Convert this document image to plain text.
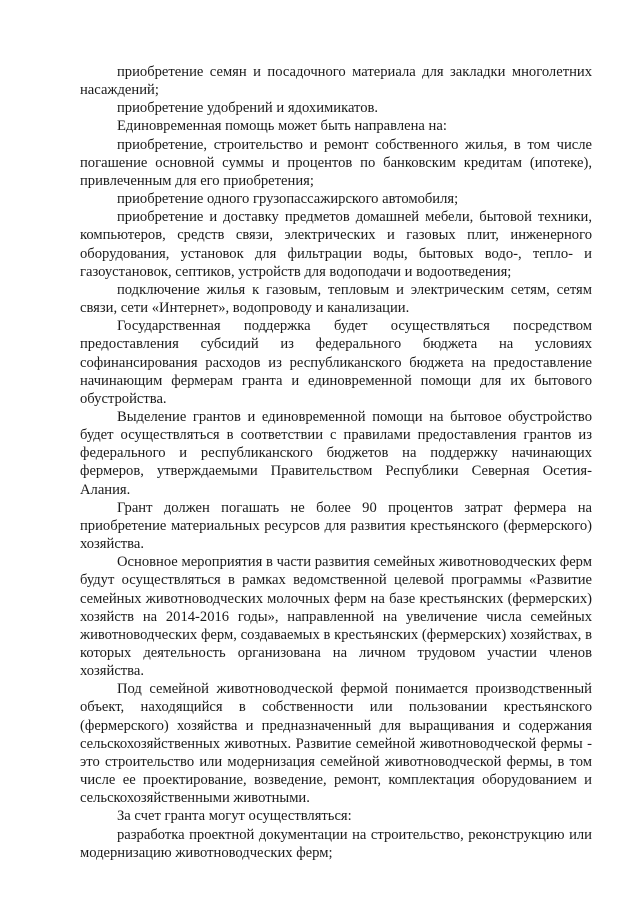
приобретение семян и посадочного материала для закладки многолетних насаждений;

приобретение удобрений и ядохимикатов.

Единовременная помощь может быть направлена на:

приобретение, строительство и ремонт собственного жилья, в том числе погашение основной суммы и процентов по банковским кредитам (ипотеке), привлеченным для его приобретения;

приобретение одного грузопассажирского автомобиля;

приобретение и доставку предметов домашней мебели, бытовой техники, компьютеров, средств связи, электрических и газовых плит, инженерного оборудования, установок для фильтрации воды, бытовых водо-, тепло- и газоустановок, септиков, устройств для водоподачи и водоотведения;

подключение жилья к газовым, тепловым и электрическим сетям, сетям связи, сети «Интернет», водопроводу и канализации.

Государственная поддержка будет осуществляться посредством предоставления субсидий из федерального бюджета на условиях софинансирования расходов из республиканского бюджета на предоставление начинающим фермерам гранта и единовременной помощи для их бытового обустройства.

Выделение грантов и единовременной помощи на бытовое обустройство будет осуществляться в соответствии с правилами предоставления грантов из федерального и республиканского бюджетов на поддержку начинающих фермеров, утверждаемыми Правительством Республики Северная Осетия-Алания.

Грант должен погашать не более 90 процентов затрат фермера на приобретение материальных ресурсов для развития крестьянского (фермерского) хозяйства.

Основное мероприятия в части развития семейных животноводческих ферм будут осуществляться в рамках ведомственной целевой программы «Развитие семейных животноводческих молочных ферм на базе крестьянских (фермерских) хозяйств на 2014-2016 годы», направленной на увеличение числа семейных животноводческих ферм, создаваемых в крестьянских (фермерских) хозяйствах, в которых деятельность организована на личном трудовом участии членов хозяйства.

Под семейной животноводческой фермой понимается производственный объект, находящийся в собственности или пользовании крестьянского (фермерского) хозяйства и предназначенный для выращивания и содержания сельскохозяйственных животных. Развитие семейной животноводческой фермы - это строительство или модернизация семейной животноводческой фермы, в том числе ее проектирование, возведение, ремонт, комплектация оборудованием и сельскохозяйственными животными.

За счет гранта могут осуществляться:

разработка проектной документации на строительство, реконструкцию или модернизацию животноводческих ферм;
